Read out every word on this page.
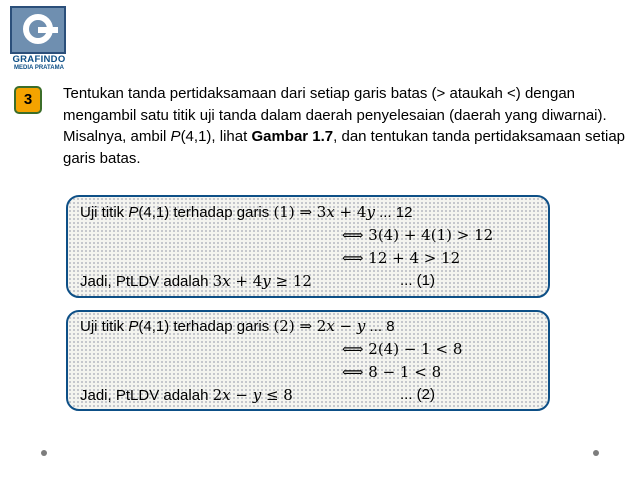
GRAFINDO
MEDIA PRATAMA
3	Tentukan tanda pertidaksamaan dari setiap garis batas (> ataukah <) dengan mengambil satu titik uji tanda dalam daerah penyelesaian (daerah yang diwarnai). Misalnya, ambil P(4,1), lihat Gambar 1.7, dan tentukan tanda pertidaksamaan setiap garis batas.

Uji titik P(4,1) terhadap garis (1) ⇒ 3𝑥 + 4𝑦 ... 12
⟺ 3(4) + 4(1) > 12
⟺ 12 + 4 > 12
Jadi, PtLDV adalah 3𝑥 + 4𝑦 ≥ 12	... (1)
Uji titik P(4,1) terhadap garis (2) ⇒ 2𝑥 − 𝑦 ... 8
⟺ 2(4) − 1 < 8
⟺ 8 − 1 < 8
Jadi, PtLDV adalah 2𝑥 − 𝑦 ≤ 8	... (2)
